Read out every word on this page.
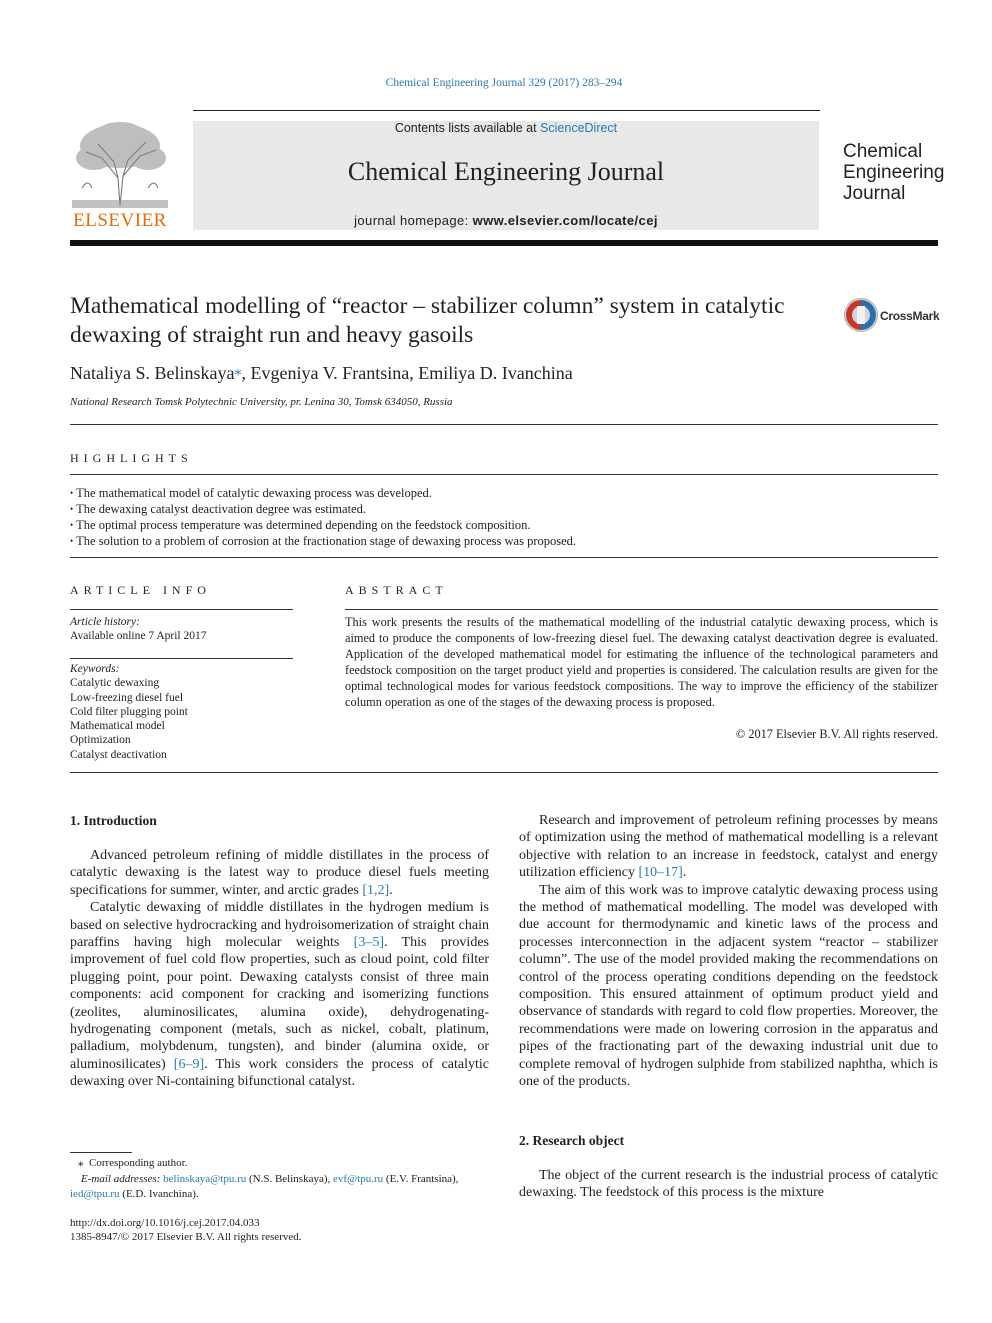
Chemical Engineering Journal 329 (2017) 283–294
ELSEVIER
Contents lists available at ScienceDirect
Chemical Engineering Journal
journal homepage: www.elsevier.com/locate/cej
Chemical
Engineering
Journal
Mathematical modelling of “reactor – stabilizer column” system in catalytic dewaxing of straight run and heavy gasoils
CrossMark
Nataliya S. Belinskaya⁎, Evgeniya V. Frantsina, Emiliya D. Ivanchina
National Research Tomsk Polytechnic University, pr. Lenina 30, Tomsk 634050, Russia
HIGHLIGHTS
• The mathematical model of catalytic dewaxing process was developed.
• The dewaxing catalyst deactivation degree was estimated.
• The optimal process temperature was determined depending on the feedstock composition.
• The solution to a problem of corrosion at the fractionation stage of dewaxing process was proposed.
ARTICLE INFO
Article history:
Available online 7 April 2017
Keywords:
Catalytic dewaxing
Low-freezing diesel fuel
Cold filter plugging point
Mathematical model
Optimization
Catalyst deactivation
ABSTRACT
This work presents the results of the mathematical modelling of the industrial catalytic dewaxing process, which is aimed to produce the components of low-freezing diesel fuel. The dewaxing catalyst deactivation degree is evaluated. Application of the developed mathematical model for estimating the influence of the technological parameters and feedstock composition on the target product yield and properties is considered. The calculation results are given for the optimal technological modes for various feedstock compositions. The way to improve the efficiency of the stabilizer column operation as one of the stages of the dewaxing process is proposed.
© 2017 Elsevier B.V. All rights reserved.
1. Introduction

Advanced petroleum refining of middle distillates in the process of catalytic dewaxing is the latest way to produce diesel fuels meeting specifications for summer, winter, and arctic grades [1,2].

Catalytic dewaxing of middle distillates in the hydrogen medium is based on selective hydrocracking and hydroisomerization of straight chain paraffins having high molecular weights [3–5]. This provides improvement of fuel cold flow properties, such as cloud point, cold filter plugging point, pour point. Dewaxing catalysts consist of three main components: acid component for cracking and isomerizing functions (zeolites, aluminosilicates, alumina oxide), dehydrogenating-hydrogenating component (metals, such as nickel, cobalt, platinum, palladium, molybdenum, tungsten), and binder (alumina oxide, or aluminosilicates) [6–9]. This work considers the process of catalytic dewaxing over Ni-containing bifunctional catalyst.

Research and improvement of petroleum refining processes by means of optimization using the method of mathematical modelling is a relevant objective with relation to an increase in feedstock, catalyst and energy utilization efficiency [10–17].

The aim of this work was to improve catalytic dewaxing process using the method of mathematical modelling. The model was developed with due account for thermodynamic and kinetic laws of the process and processes interconnection in the adjacent system “reactor – stabilizer column”. The use of the model provided making the recommendations on control of the process operating conditions depending on the feedstock composition. This ensured attainment of optimum product yield and observance of standards with regard to cold flow properties. Moreover, the recommendations were made on lowering corrosion in the apparatus and pipes of the fractionating part of the dewaxing industrial unit due to complete removal of hydrogen sulphide from stabilized naphtha, which is one of the products.

2. Research object

The object of the current research is the industrial process of catalytic dewaxing. The feedstock of this process is the mixture

⁎ Corresponding author.
E-mail addresses: belinskaya@tpu.ru (N.S. Belinskaya), evf@tpu.ru (E.V. Frantsina),
ied@tpu.ru (E.D. Ivanchina).
http://dx.doi.org/10.1016/j.cej.2017.04.033
1385-8947/© 2017 Elsevier B.V. All rights reserved.
